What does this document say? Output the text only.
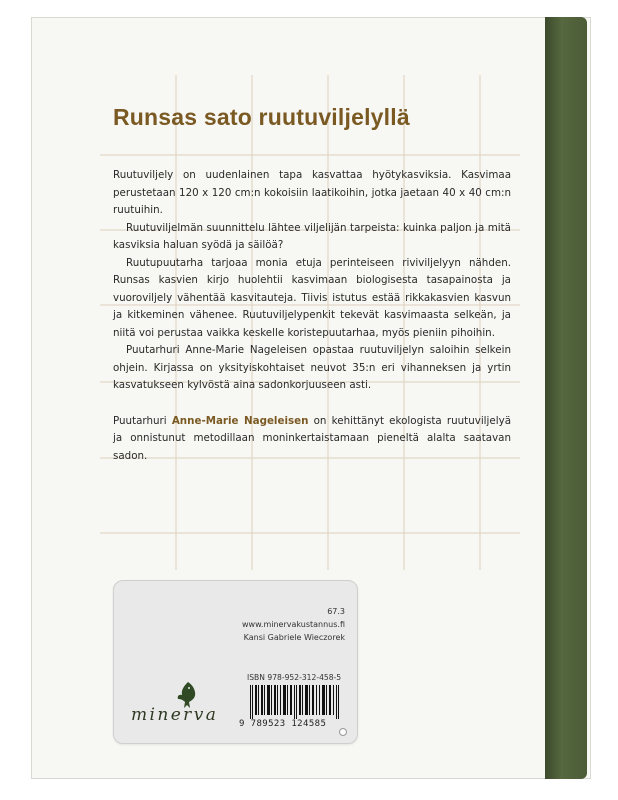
Runsas sato ruutuviljelyllä

Ruutuviljely on uudenlainen tapa kasvattaa hyötykasviksia. Kasvimaa perustetaan 120 x 120 cm:n kokoisiin laatikoihin, jotka jaetaan 40 x 40 cm:n ruutuihin.

Ruutuviljelmän suunnittelu lähtee viljelijän tarpeista: kuinka paljon ja mitä kasviksia haluan syödä ja säilöä?

Ruutupuutarha tarjoaa monia etuja perinteiseen riviviljelyyn nähden. Runsas kasvien kirjo huolehtii kasvimaan biologisesta tasapainosta ja vuoroviljely vähentää kasvitauteja. Tiivis istutus estää rikkakasvien kasvun ja kitkeminen vähenee. Ruutuviljelypenkit tekevät kasvimaasta selkeän, ja niitä voi perustaa vaikka keskelle koristepuutarhaa, myös pieniin pihoihin.

Puutarhuri Anne-Marie Nageleisen opastaa ruutuviljelyn saloihin selkein ohjein. Kirjassa on yksityiskohtaiset neuvot 35:n eri vihanneksen ja yrtin kasvatukseen kylvöstä aina sadonkorjuuseen asti.

Puutarhuri Anne-Marie Nageleisen on kehittänyt ekologista ruutuviljelyä ja onnistunut metodillaan moninkertaistamaan pieneltä alalta saatavan sadon.

67.3
www.minervakustannus.fi
Kansi Gabriele Wieczorek
ISBN 978-952-312-458-5
9 789523 124585
minerva
